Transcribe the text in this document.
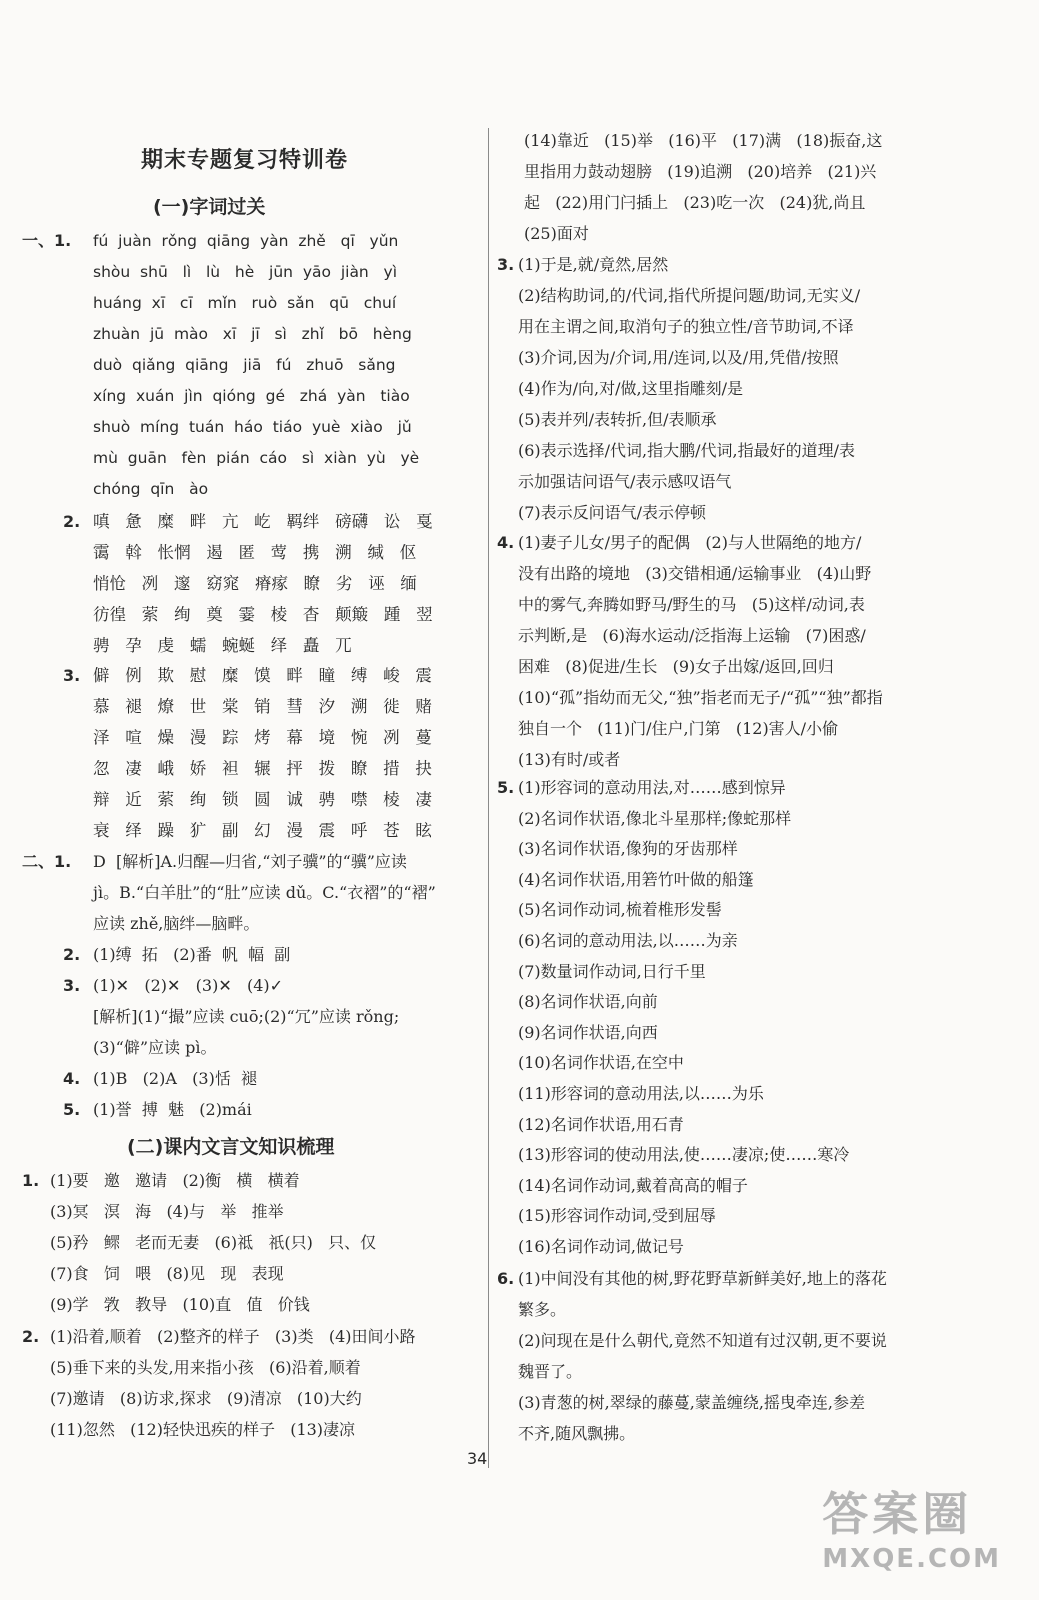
期末专题复习特训卷
(一)字词过关
(二)课内文言文知识梳理
34
答案圈
MXQE.COM
一、1. fú  juàn  rǒng  qiāng  yàn  zhě   qī   yǔn
shòu  shū   lì   lù   hè   jūn  yāo  jiàn   yì
huáng  xī   cī   mǐn   ruò  sǎn   qū   chuí
zhuàn  jū  mào   xī   jī   sì   zhǐ   bō   hèng
duò  qiǎng  qiāng   jiā   fú   zhuō   sǎng
xíng  xuán  jìn  qióng  gé   zhá  yàn   tiào
shuò  míng  tuán  háo  tiáo  yuè  xiào   jǔ
mù  guān   fèn  pián  cáo   sì  xiàn  yù   yè
chóng  qīn   ào
2. 嗔   惫   糜   畔   亢   屹   羁绊   磅礴   讼   戛
霭   斡   怅惘   遏   匿   莺   携   溯   缄   伛
悄怆   冽   邃   窈窕   瘠瘃   瞭   劣   诬   缅
彷徨   萦   绚   奠   霎   棱   杳   颠簸   踵   翌
骋   孕   虔   蠕   蜿蜒   绎   矗   兀
3. 僻   例   欺   慰   糜   馍   畔   瞳   缚   峻   震
慕   褪   燎   世   棠   销   彗   汐   溯   徙   赌
泽   喧   燥   漫   踪   烤   幕   境   惋   冽   蔓
忽   凄   峨   娇   袒   辗   抨   拨   瞭   措   抉
辩   近   萦   绚   锁   圆   诚   骋   噤   棱   凄
衰   绎   躁   犷   副   幻   漫   震   呼   苍   眩
二、1. D  [解析]A.归醒—归省,“刘子骥”的“骥”应读
jì。B.“白羊肚”的“肚”应读 dǔ。C.“衣褶”的“褶”
应读 zhě,脑绊—脑畔。
2. (1)缚  拓   (2)番  帆  幅  副
3. (1)✕   (2)✕   (3)✕   (4)✓
[解析](1)“撮”应读 cuō;(2)“冗”应读 rǒng;
(3)“僻”应读 pì。
4. (1)B   (2)A   (3)恬  褪
5. (1)誉  搏  魅   (2)mái
1. (1)要   邀   邀请   (2)衡   横   横着
(3)冥   溟   海   (4)与   举   推举
(5)矜   鳏   老而无妻   (6)祗   祇(只)   只、仅
(7)食   饲   喂   (8)见   现   表现
(9)学   敩   教导   (10)直   值   价钱
2. (1)沿着,顺着   (2)整齐的样子   (3)类   (4)田间小路
(5)垂下来的头发,用来指小孩   (6)沿着,顺着
(7)邀请   (8)访求,探求   (9)清凉   (10)大约
(11)忽然   (12)轻快迅疾的样子   (13)凄凉
(14)靠近   (15)举   (16)平   (17)满   (18)振奋,这
里指用力鼓动翅膀   (19)追溯   (20)培养   (21)兴
起   (22)用门闩插上   (23)吃一次   (24)犹,尚且
(25)面对
3. (1)于是,就/竟然,居然
(2)结构助词,的/代词,指代所提问题/助词,无实义/
用在主谓之间,取消句子的独立性/音节助词,不译
(3)介词,因为/介词,用/连词,以及/用,凭借/按照
(4)作为/向,对/做,这里指雕刻/是
(5)表并列/表转折,但/表顺承
(6)表示选择/代词,指大鹏/代词,指最好的道理/表
示加强诘问语气/表示感叹语气
(7)表示反问语气/表示停顿
4. (1)妻子儿女/男子的配偶   (2)与人世隔绝的地方/
没有出路的境地   (3)交错相通/运输事业   (4)山野
中的雾气,奔腾如野马/野生的马   (5)这样/动词,表
示判断,是   (6)海水运动/泛指海上运输   (7)困惑/
困难   (8)促进/生长   (9)女子出嫁/返回,回归
(10)“孤”指幼而无父,“独”指老而无子/“孤”“独”都指
独自一个   (11)门/住户,门第   (12)害人/小偷
(13)有时/或者
5. (1)形容词的意动用法,对……感到惊异
(2)名词作状语,像北斗星那样;像蛇那样
(3)名词作状语,像狗的牙齿那样
(4)名词作状语,用箬竹叶做的船篷
(5)名词作动词,梳着椎形发髻
(6)名词的意动用法,以……为亲
(7)数量词作动词,日行千里
(8)名词作状语,向前
(9)名词作状语,向西
(10)名词作状语,在空中
(11)形容词的意动用法,以……为乐
(12)名词作状语,用石青
(13)形容词的使动用法,使……凄凉;使……寒冷
(14)名词作动词,戴着高高的帽子
(15)形容词作动词,受到屈辱
(16)名词作动词,做记号
6. (1)中间没有其他的树,野花野草新鲜美好,地上的落花
繁多。
(2)问现在是什么朝代,竟然不知道有过汉朝,更不要说
魏晋了。
(3)青葱的树,翠绿的藤蔓,蒙盖缠绕,摇曳牵连,参差
不齐,随风飘拂。
